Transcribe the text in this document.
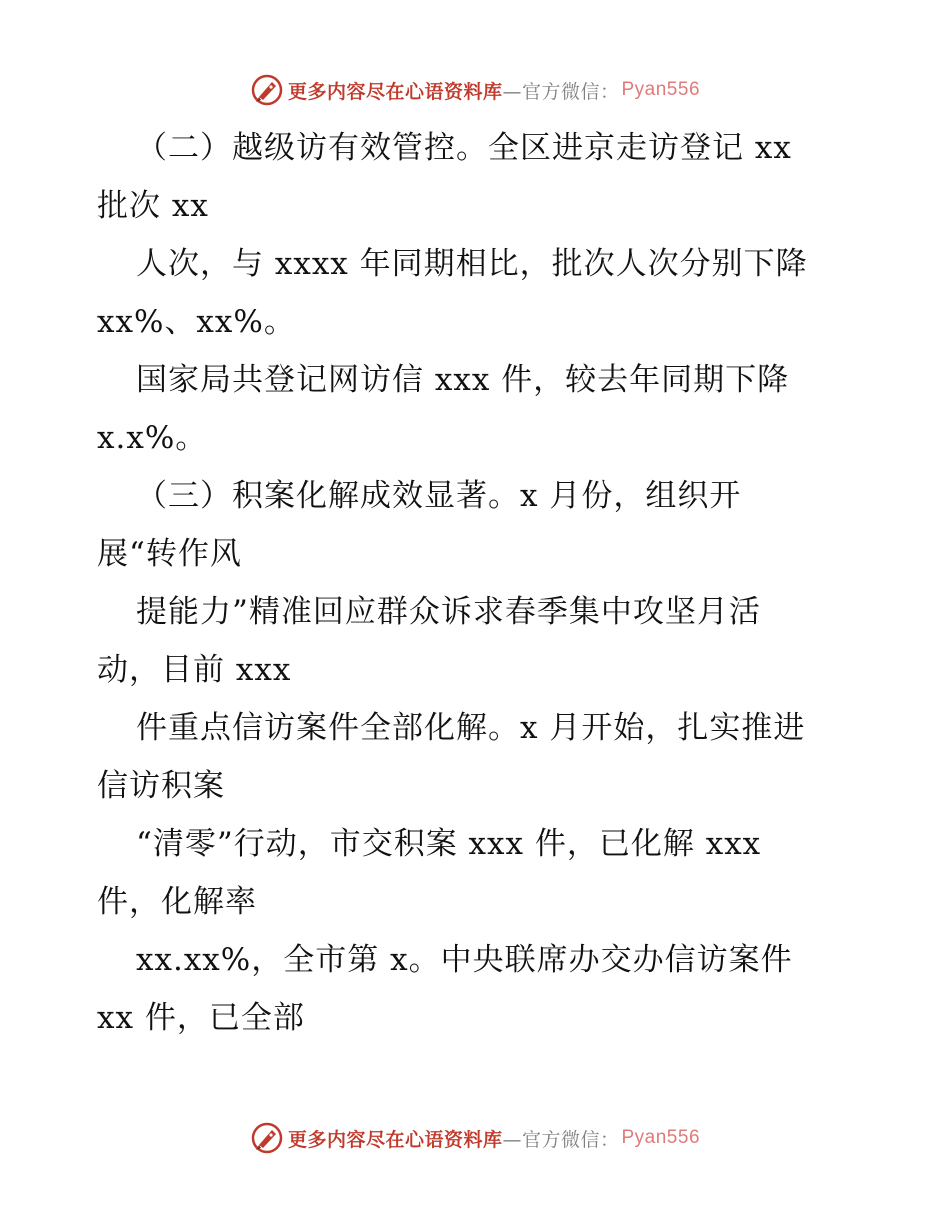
更多内容尽在心语资料库 —官方微信： Pyan556
（二）越级访有效管控。全区进京走访登记 xx
批次 xx
人次，与 xxxx 年同期相比，批次人次分别下降
xx%、xx%。
国家局共登记网访信 xxx 件，较去年同期下降
x.x%。
（三）积案化解成效显著。x 月份，组织开
展“转作风
提能力”精准回应群众诉求春季集中攻坚月活
动，目前 xxx
件重点信访案件全部化解。x 月开始，扎实推进
信访积案
“清零”行动，市交积案 xxx 件，已化解 xxx
件，化解率
xx.xx%，全市第 x。中央联席办交办信访案件
xx 件，已全部
更多内容尽在心语资料库 —官方微信： Pyan556
